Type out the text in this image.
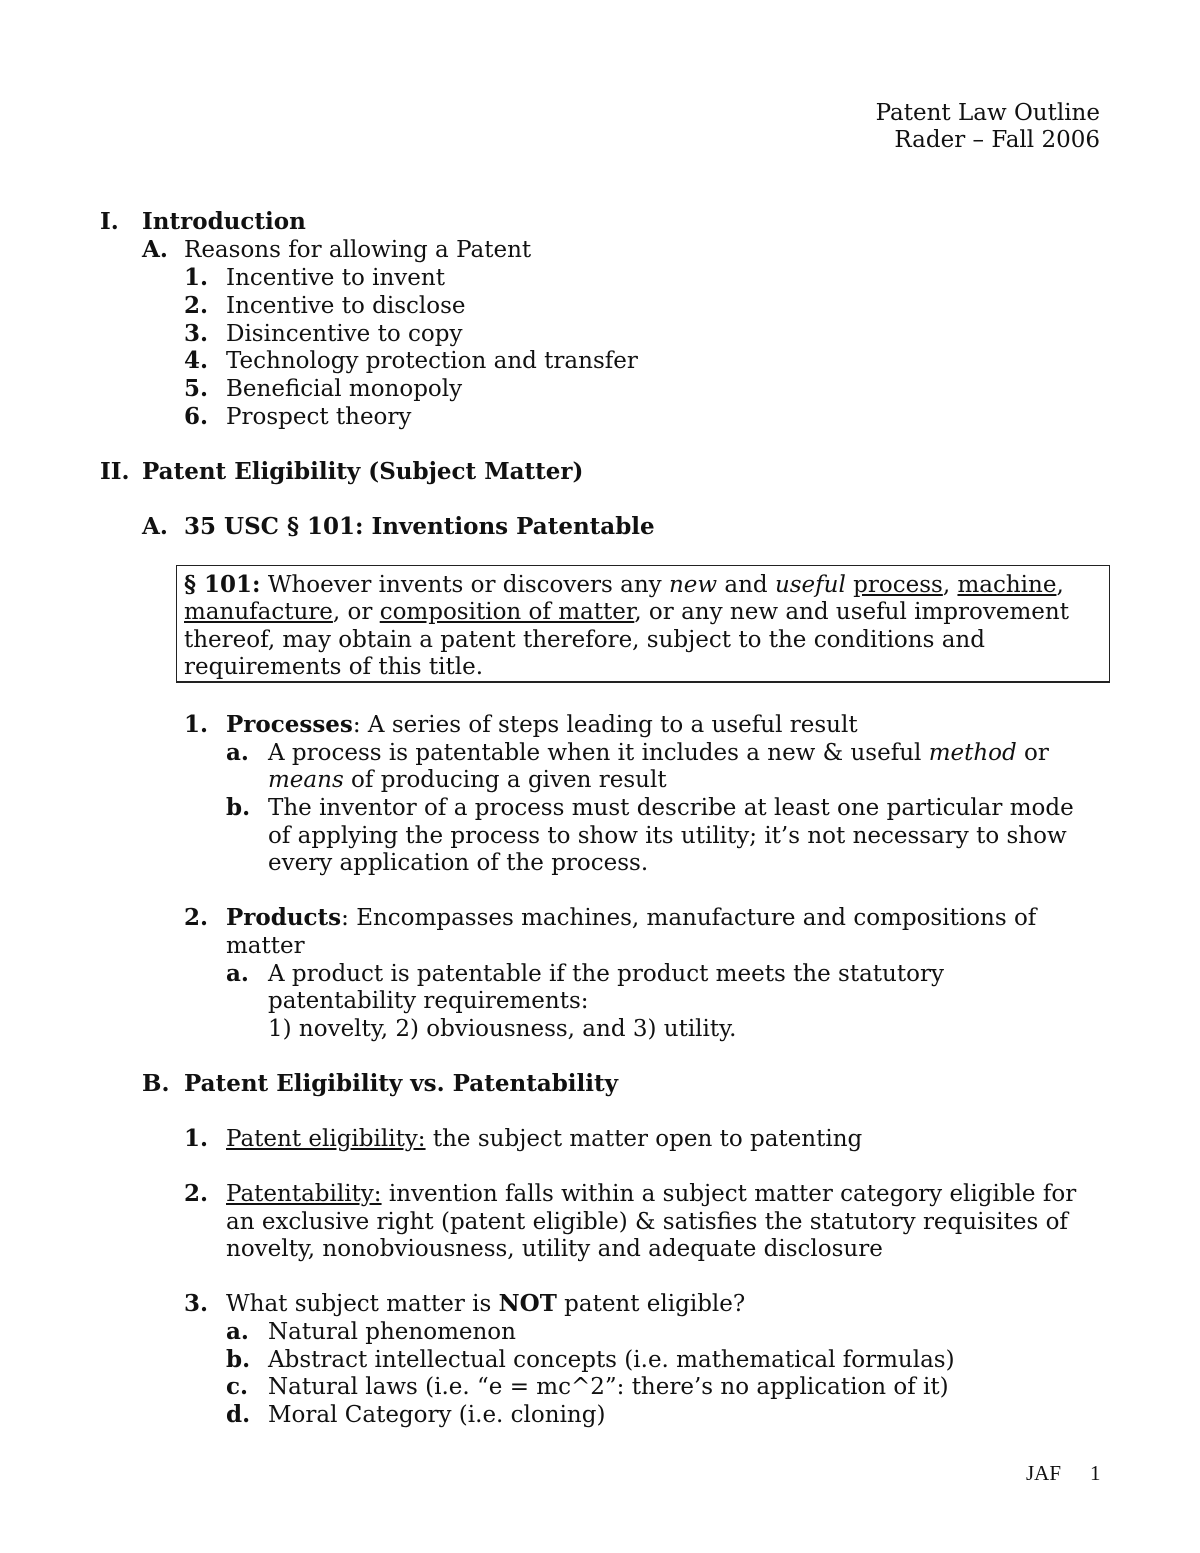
Patent Law Outline
Rader – Fall 2006
I. Introduction
A. Reasons for allowing a Patent
1. Incentive to invent
2. Incentive to disclose
3. Disincentive to copy
4. Technology protection and transfer
5. Beneficial monopoly
6. Prospect theory
II. Patent Eligibility (Subject Matter)
A. 35 USC § 101: Inventions Patentable
§ 101: Whoever invents or discovers any new and useful process, machine,
manufacture, or composition of matter, or any new and useful improvement
thereof, may obtain a patent therefore, subject to the conditions and
requirements of this title.
1. Processes: A series of steps leading to a useful result
a. A process is patentable when it includes a new & useful method or
means of producing a given result
b. The inventor of a process must describe at least one particular mode
of applying the process to show its utility; it’s not necessary to show
every application of the process.
2. Products: Encompasses machines, manufacture and compositions of
matter
a. A product is patentable if the product meets the statutory
patentability requirements:
1) novelty, 2) obviousness, and 3) utility.
B. Patent Eligibility vs. Patentability
1. Patent eligibility: the subject matter open to patenting
2. Patentability: invention falls within a subject matter category eligible for
an exclusive right (patent eligible) & satisfies the statutory requisites of
novelty, nonobviousness, utility and adequate disclosure
3. What subject matter is NOT patent eligible?
a. Natural phenomenon
b. Abstract intellectual concepts (i.e. mathematical formulas)
c. Natural laws (i.e. “e = mc^2”: there’s no application of it)
d. Moral Category (i.e. cloning)
JAF 1
